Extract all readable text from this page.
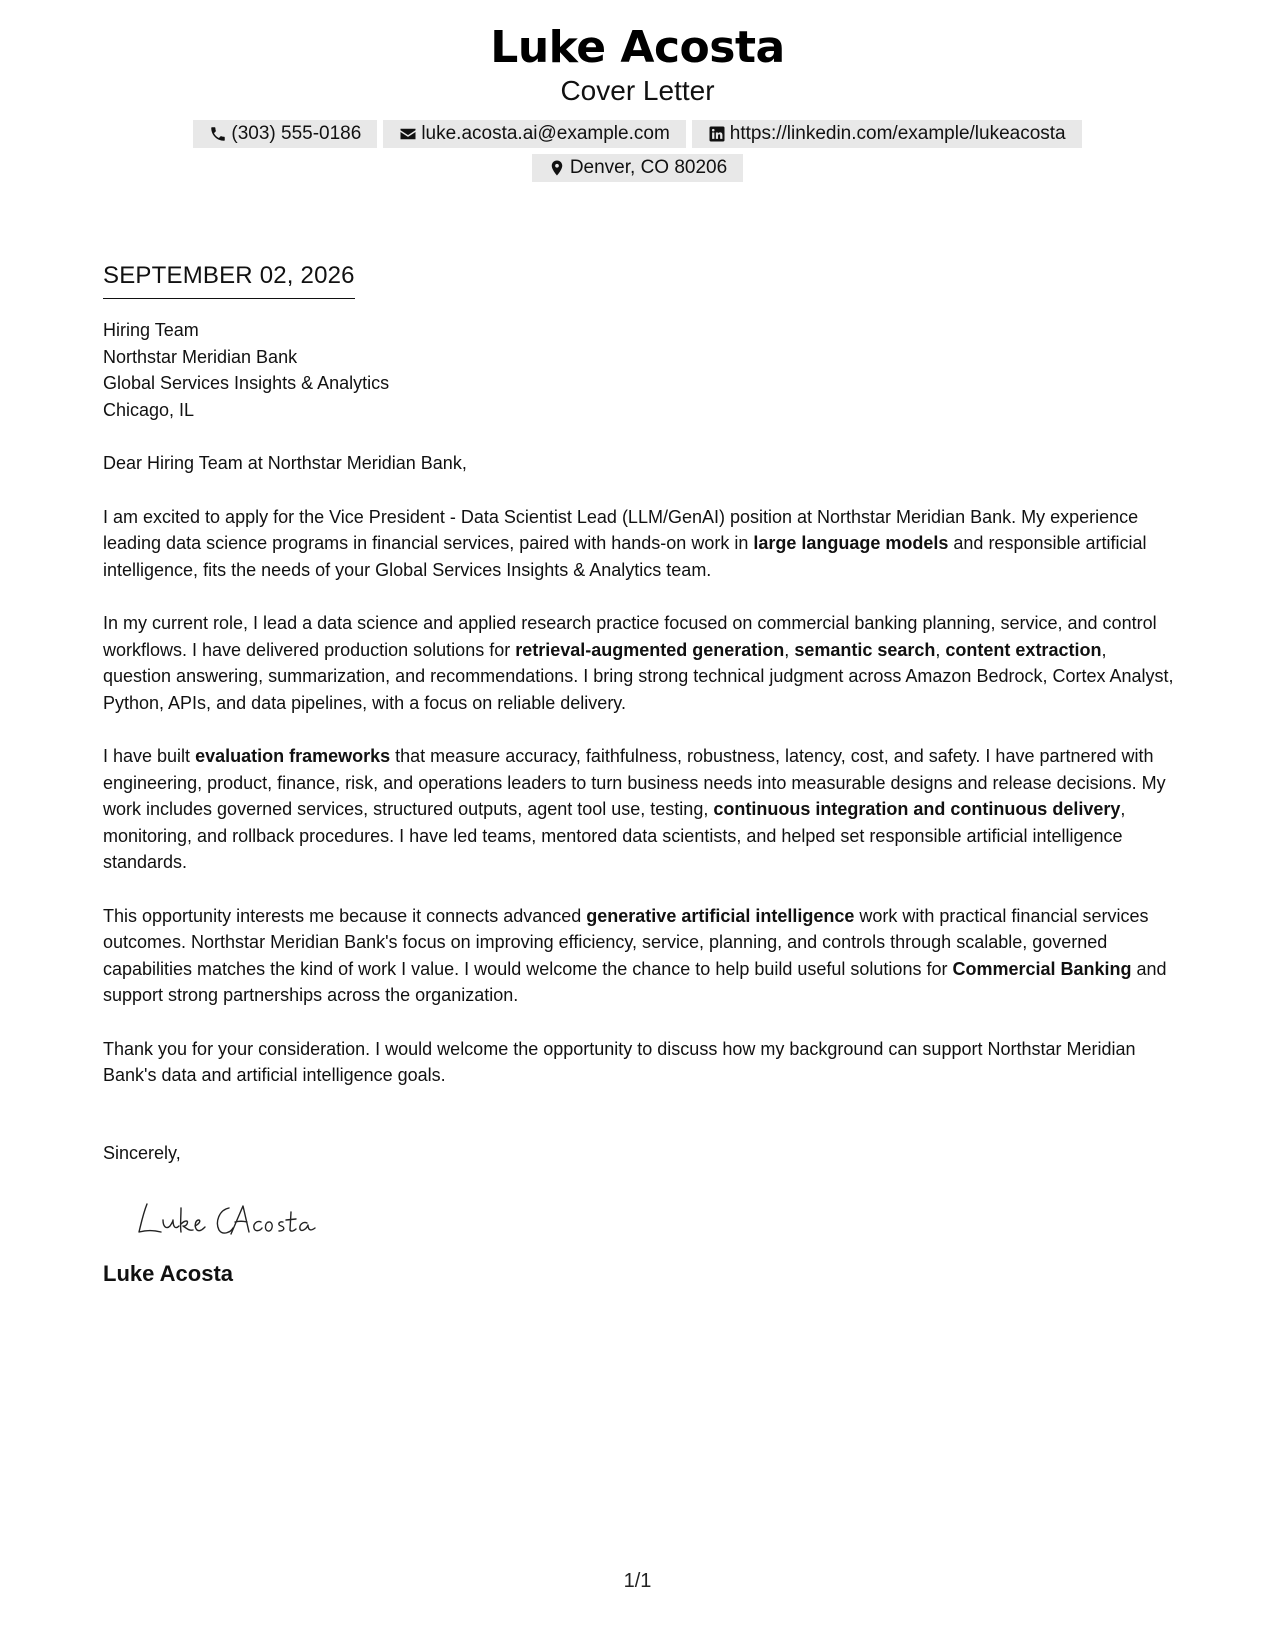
Luke Acosta
Cover Letter
(303) 555-0186	luke.acosta.ai@example.com	https://linkedin.com/example/lukeacosta
Denver, CO 80206
SEPTEMBER 02, 2026
Hiring Team
Northstar Meridian Bank
Global Services Insights & Analytics
Chicago, IL
Dear Hiring Team at Northstar Meridian Bank,

I am excited to apply for the Vice President - Data Scientist Lead (LLM/GenAI) position at Northstar Meridian Bank. My experience leading data science programs in financial services, paired with hands-on work in large language models and responsible artificial intelligence, fits the needs of your Global Services Insights & Analytics team.

In my current role, I lead a data science and applied research practice focused on commercial banking planning, service, and control workflows. I have delivered production solutions for retrieval-augmented generation, semantic search, content extraction, question answering, summarization, and recommendations. I bring strong technical judgment across Amazon Bedrock, Cortex Analyst, Python, APIs, and data pipelines, with a focus on reliable delivery.

I have built evaluation frameworks that measure accuracy, faithfulness, robustness, latency, cost, and safety. I have partnered with engineering, product, finance, risk, and operations leaders to turn business needs into measurable designs and release decisions. My work includes governed services, structured outputs, agent tool use, testing, continuous integration and continuous delivery, monitoring, and rollback procedures. I have led teams, mentored data scientists, and helped set responsible artificial intelligence standards.

This opportunity interests me because it connects advanced generative artificial intelligence work with practical financial services outcomes. Northstar Meridian Bank's focus on improving efficiency, service, planning, and controls through scalable, governed capabilities matches the kind of work I value. I would welcome the chance to help build useful solutions for Commercial Banking and support strong partnerships across the organization.

Thank you for your consideration. I would welcome the opportunity to discuss how my background can support Northstar Meridian Bank's data and artificial intelligence goals.

Sincerely,
Luke Acosta
1/1
